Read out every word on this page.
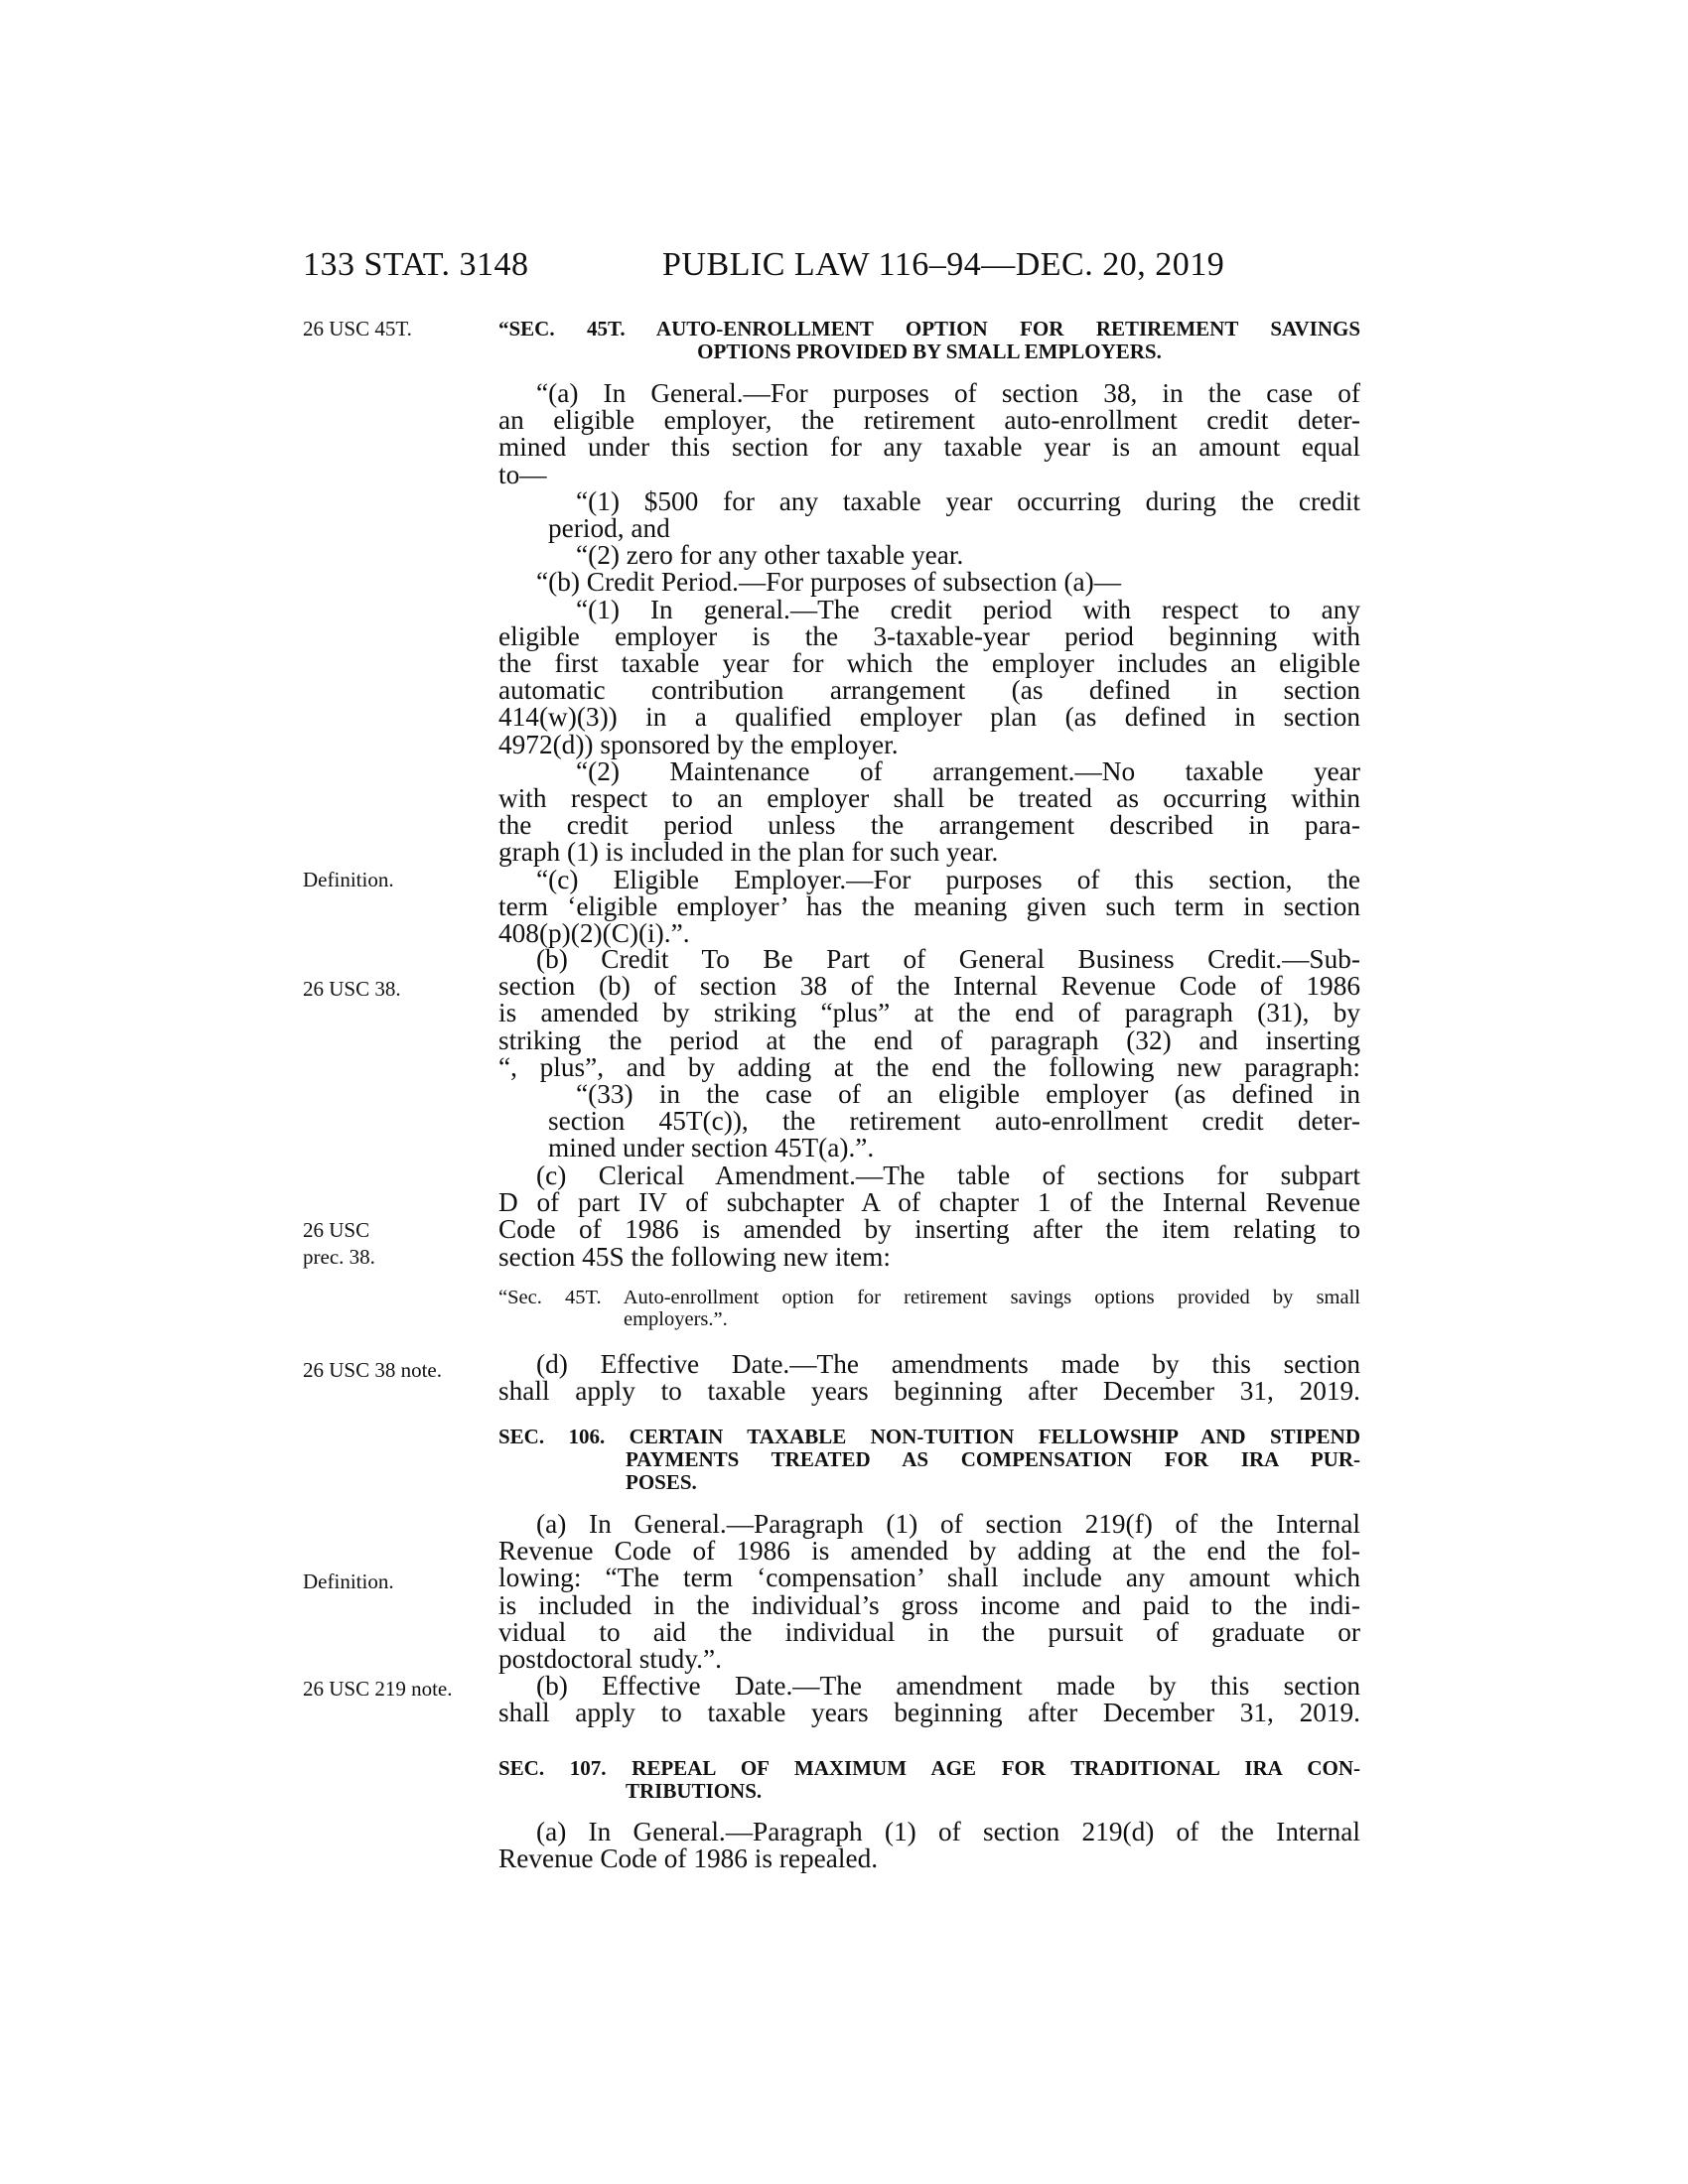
133 STAT. 3148	PUBLIC LAW 116–94—DEC. 20, 2019
26 USC 45T.
Definition.
26 USC 38.
26 USC
prec. 38.
26 USC 38 note.
Definition.
26 USC 219 note.
“SEC. 45T. AUTO-ENROLLMENT OPTION FOR RETIREMENT SAVINGS
OPTIONS PROVIDED BY SMALL EMPLOYERS.
“(a) In General.—For purposes of section 38, in the case of
an eligible employer, the retirement auto-enrollment credit deter-
mined under this section for any taxable year is an amount equal
to—
“(1) $500 for any taxable year occurring during the credit
period, and
“(2) zero for any other taxable year.
“(b) Credit Period.—For purposes of subsection (a)—
“(1) In general.—The credit period with respect to any
eligible employer is the 3-taxable-year period beginning with
the first taxable year for which the employer includes an eligible
automatic contribution arrangement (as defined in section
414(w)(3)) in a qualified employer plan (as defined in section
4972(d)) sponsored by the employer.
“(2) Maintenance of arrangement.—No taxable year
with respect to an employer shall be treated as occurring within
the credit period unless the arrangement described in para-
graph (1) is included in the plan for such year.
“(c) Eligible Employer.—For purposes of this section, the
term ‘eligible employer’ has the meaning given such term in section
408(p)(2)(C)(i).”.
(b) Credit To Be Part of General Business Credit.—Sub-
section (b) of section 38 of the Internal Revenue Code of 1986
is amended by striking “plus” at the end of paragraph (31), by
striking the period at the end of paragraph (32) and inserting
“, plus”, and by adding at the end the following new paragraph:
“(33) in the case of an eligible employer (as defined in
section 45T(c)), the retirement auto-enrollment credit deter-
mined under section 45T(a).”.
(c) Clerical Amendment.—The table of sections for subpart
D of part IV of subchapter A of chapter 1 of the Internal Revenue
Code of 1986 is amended by inserting after the item relating to
section 45S the following new item:
“Sec. 45T. Auto-enrollment option for retirement savings options provided by small
employers.”.
(d) Effective Date.—The amendments made by this section
shall apply to taxable years beginning after December 31, 2019.
SEC. 106. CERTAIN TAXABLE NON-TUITION FELLOWSHIP AND STIPEND
PAYMENTS TREATED AS COMPENSATION FOR IRA PUR-
POSES.
(a) In General.—Paragraph (1) of section 219(f) of the Internal
Revenue Code of 1986 is amended by adding at the end the fol-
lowing: “The term ‘compensation’ shall include any amount which
is included in the individual’s gross income and paid to the indi-
vidual to aid the individual in the pursuit of graduate or
postdoctoral study.”.
(b) Effective Date.—The amendment made by this section
shall apply to taxable years beginning after December 31, 2019.
SEC. 107. REPEAL OF MAXIMUM AGE FOR TRADITIONAL IRA CON-
TRIBUTIONS.
(a) In General.—Paragraph (1) of section 219(d) of the Internal
Revenue Code of 1986 is repealed.
